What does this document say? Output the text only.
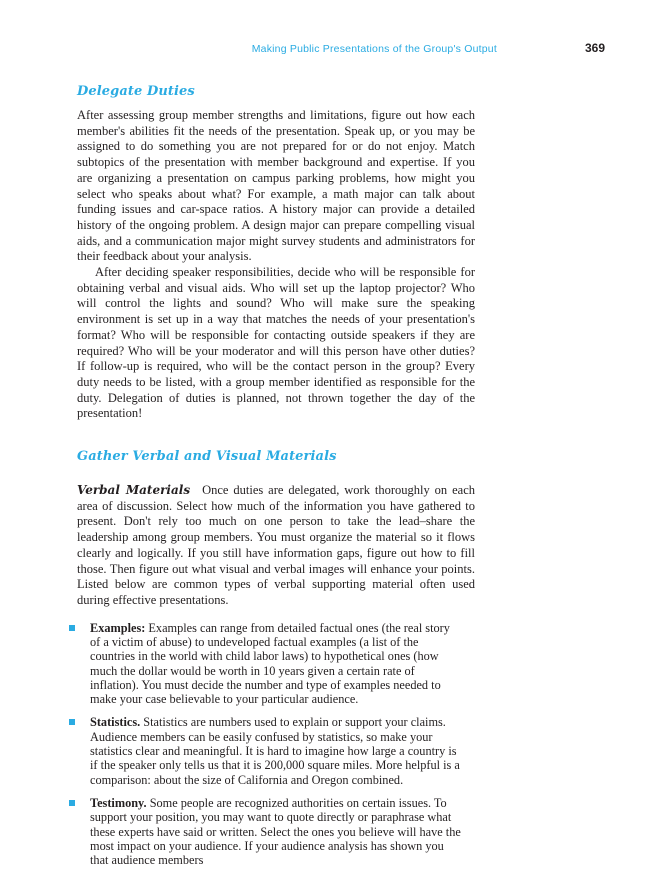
Making Public Presentations of the Group's Output	369
Delegate Duties

After assessing group member strengths and limitations, figure out how each member's abilities fit the needs of the presentation. Speak up, or you may be assigned to do something you are not prepared for or do not enjoy. Match subtopics of the presentation with member background and expertise. If you are organizing a presentation on campus parking problems, how might you select who speaks about what? For example, a math major can talk about funding issues and car-space ratios. A history major can provide a detailed history of the ongoing problem. A design major can prepare compelling visual aids, and a communication major might survey students and administrators for their feedback about your analysis.

After deciding speaker responsibilities, decide who will be responsible for obtaining verbal and visual aids. Who will set up the laptop projector? Who will control the lights and sound? Who will make sure the speaking environment is set up in a way that matches the needs of your presentation's format? Who will be responsible for contacting outside speakers if they are required? Who will be your moderator and will this person have other duties? If follow-up is required, who will be the contact person in the group? Every duty needs to be listed, with a group member identified as responsible for the duty. Delegation of duties is planned, not thrown together the day of the presentation!

Gather Verbal and Visual Materials

Verbal Materials Once duties are delegated, work thoroughly on each area of discussion. Select how much of the information you have gathered to present. Don't rely too much on one person to take the lead–share the leadership among group members. You must organize the material so it flows clearly and logically. If you still have information gaps, figure out how to fill those. Then figure out what visual and verbal images will enhance your points. Listed below are common types of verbal supporting material often used during effective presentations.

Examples: Examples can range from detailed factual ones (the real story of a victim of abuse) to undeveloped factual examples (a list of the countries in the world with child labor laws) to hypothetical ones (how much the dollar would be worth in 10 years given a certain rate of inflation). You must decide the number and type of examples needed to make your case believable to your particular audience.
Statistics. Statistics are numbers used to explain or support your claims. Audience members can be easily confused by statistics, so make your statistics clear and meaningful. It is hard to imagine how large a country is if the speaker only tells us that it is 200,000 square miles. More helpful is a comparison: about the size of California and Oregon combined.
Testimony. Some people are recognized authorities on certain issues. To support your position, you may want to quote directly or paraphrase what these experts have said or written. Select the ones you believe will have the most impact on your audience. If your audience analysis has shown you that audience members
